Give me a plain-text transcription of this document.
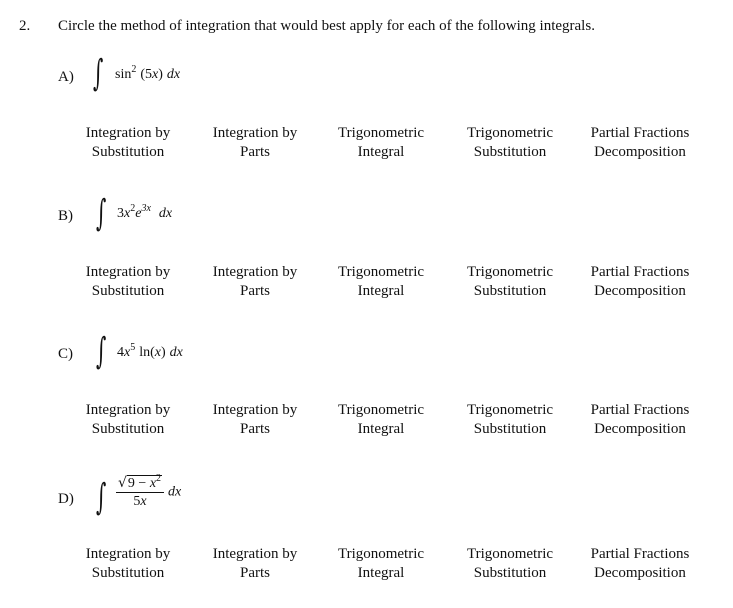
2. Circle the method of integration that would best apply for each of the following integrals.
A) ∫ $\sin^2 (5x)$ dx
Integration by
Substitution
Integration by
Parts
Trigonometric
Integral
Trigonometric
Substitution
Partial Fractions
Decomposition
B) ∫ $3x^2e^{3x}$ dx
Integration by
Substitution
Integration by
Parts
Trigonometric
Integral
Trigonometric
Substitution
Partial Fractions
Decomposition
C) ∫ $4x^5$ ln(x) dx
Integration by
Substitution
Integration by
Parts
Trigonometric
Integral
Trigonometric
Substitution
Partial Fractions
Decomposition
D) ∫ $\frac{√9 - x^2}{5x}$ dx
Integration by
Substitution
Integration by
Parts
Trigonometric
Integral
Trigonometric
Substitution
Partial Fractions
Decomposition
